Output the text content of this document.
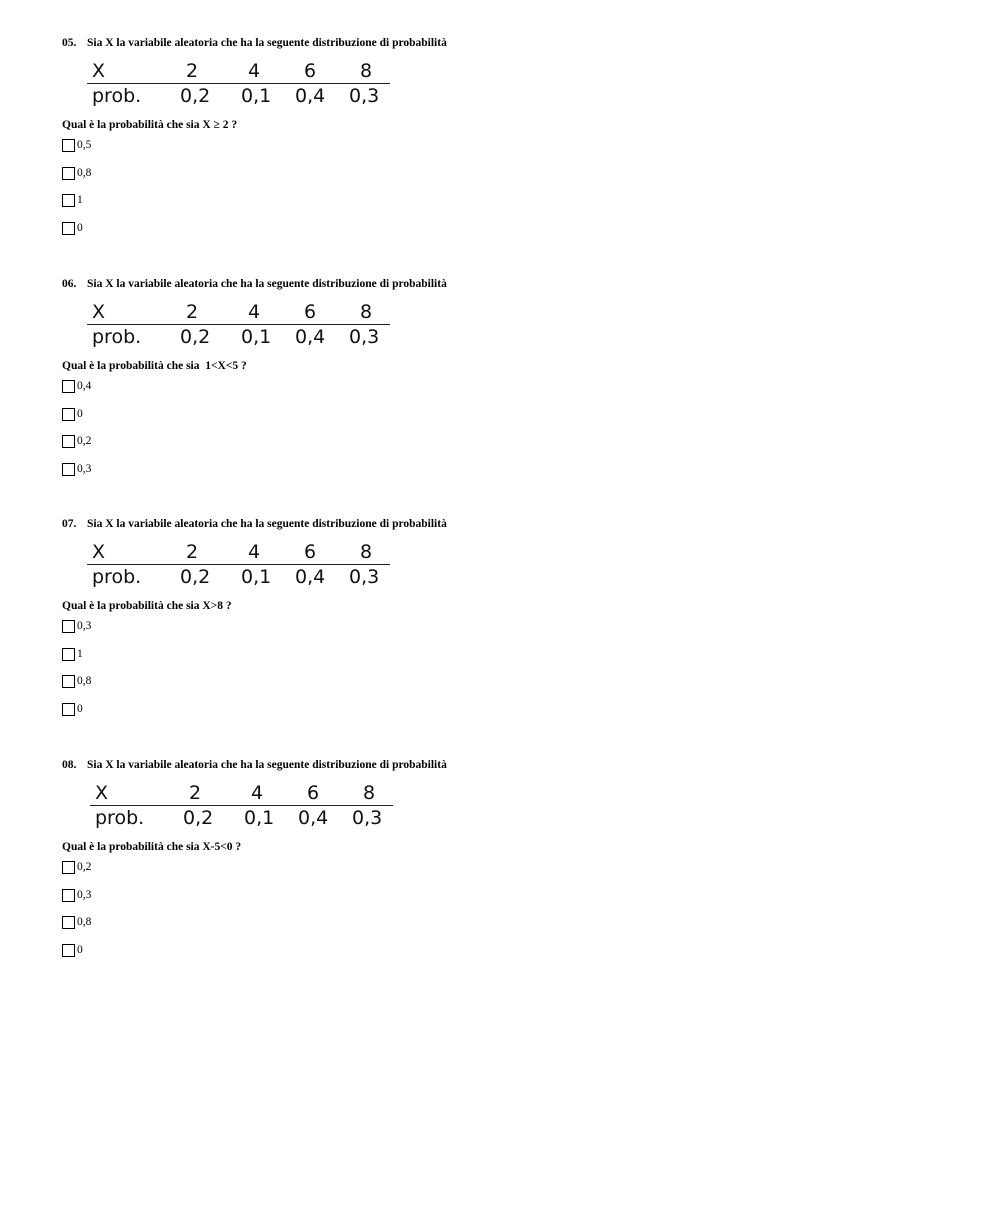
05. Sia X la variabile aleatoria che ha la seguente distribuzione di probabilità
X	2	4 6 8
prob. 0,2 0,1 0,4 0,3
Qual è la probabilità che sia X ≥ 2 ?
0,5
0,8
1
0
06. Sia X la variabile aleatoria che ha la seguente distribuzione di probabilità
X	2	4 6 8
prob. 0,2 0,1 0,4 0,3
Qual è la probabilità che sia  1<X<5 ?
0,4
0
0,2
0,3
07. Sia X la variabile aleatoria che ha la seguente distribuzione di probabilità
X	2	4 6 8
prob. 0,2 0,1 0,4 0,3
Qual è la probabilità che sia X>8 ?
0,3
1
0,8
0
08. Sia X la variabile aleatoria che ha la seguente distribuzione di probabilità
X	2	4 6 8
prob. 0,2 0,1 0,4 0,3
Qual è la probabilità che sia X-5<0 ?
0,2
0,3
0,8
0
